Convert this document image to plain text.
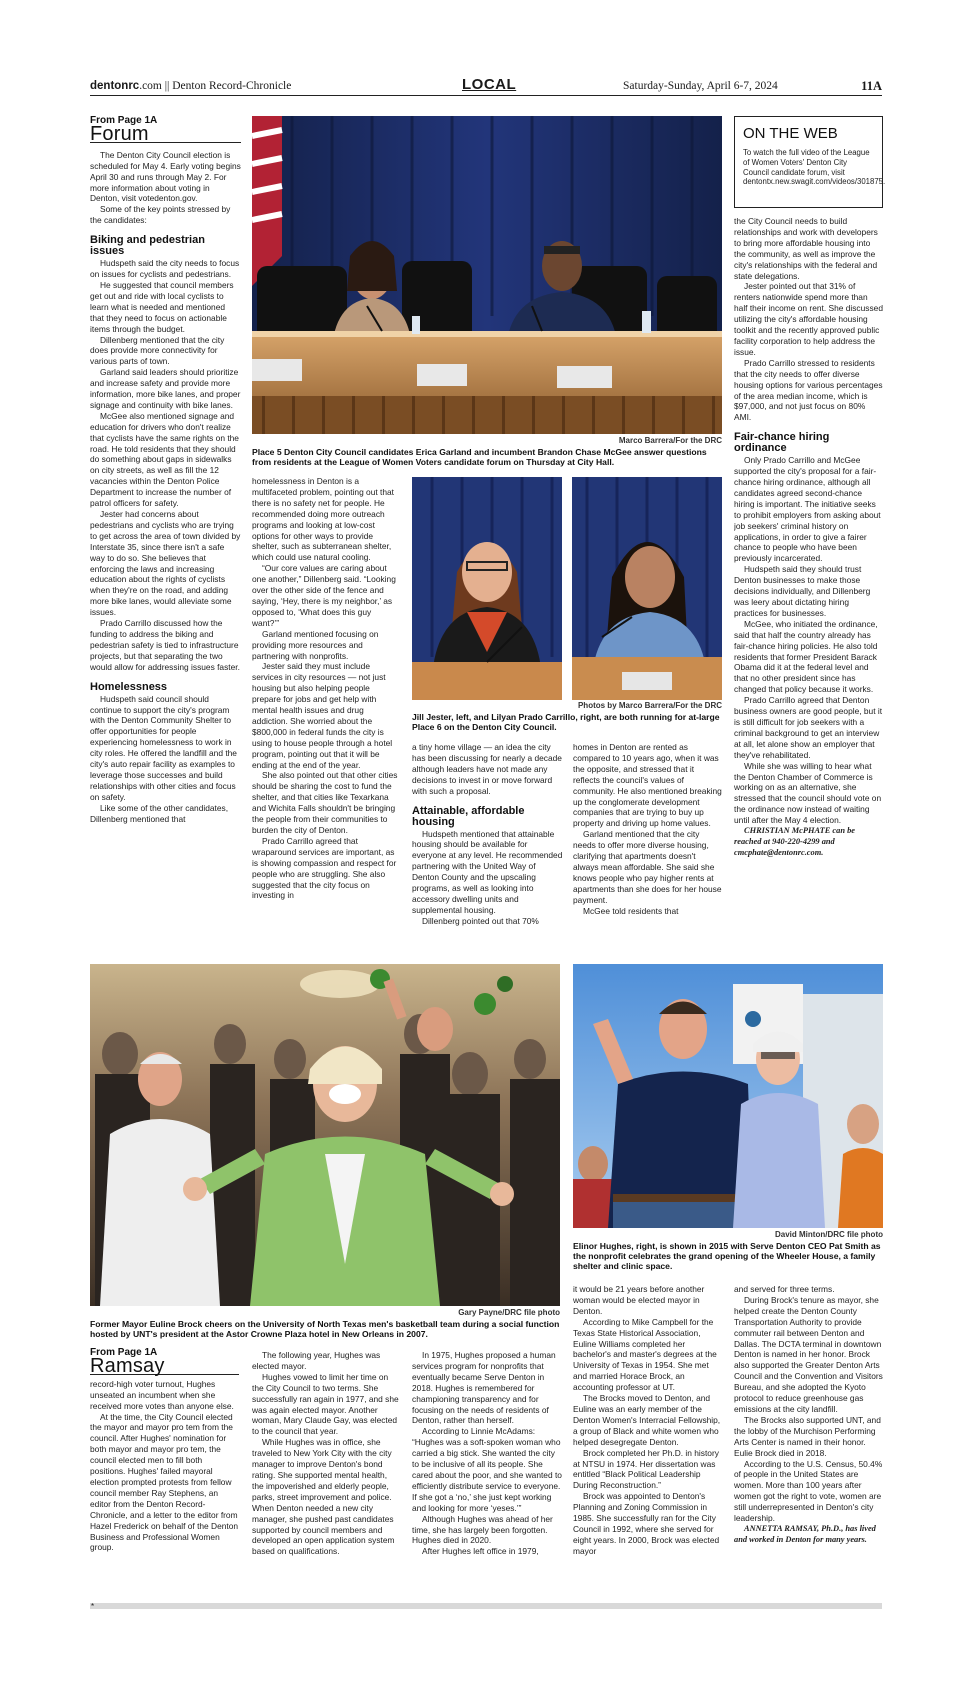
dentonrc.com || Denton Record-Chronicle	LOCAL	Saturday-Sunday, April 6-7, 2024	11A
From Page 1A
Forum

The Denton City Council election is scheduled for May 4. Early voting begins April 30 and runs through May 2. For more information about voting in Denton, visit votedenton.gov.

Some of the key points stressed by the candidates:

Biking and pedestrian issues

Hudspeth said the city needs to focus on issues for cyclists and pedestrians.

He suggested that council members get out and ride with local cyclists to learn what is needed and mentioned that they need to focus on actionable items through the budget.

Dillenberg mentioned that the city does provide more connectivity for various parts of town.

Garland said leaders should prioritize and increase safety and provide more information, more bike lanes, and proper signage and continuity with bike lanes.

McGee also mentioned signage and education for drivers who don't realize that cyclists have the same rights on the road. He told residents that they should do something about gaps in sidewalks on city streets, as well as fill the 12 vacancies within the Denton Police Department to increase the number of patrol officers for safety.

Jester had concerns about pedestrians and cyclists who are trying to get across the area of town divided by Interstate 35, since there isn't a safe way to do so. She believes that enforcing the laws and increasing education about the rights of cyclists when they're on the road, and adding more bike lanes, would alleviate some issues.

Prado Carrillo discussed how the funding to address the biking and pedestrian safety is tied to infrastructure projects, but that separating the two would allow for addressing issues faster.

Homelessness

Hudspeth said council should continue to support the city's program with the Denton Community Shelter to offer opportunities for people experiencing homelessness to work in city roles. He offered the landfill and the city's auto repair facility as examples to leverage those successes and build relationships with other cities and focus on safety.

Like some of the other candidates, Dillenberg mentioned that

Marco Barrera/For the DRC
Place 5 Denton City Council candidates Erica Garland and incumbent Brandon Chase McGee answer questions from residents at the League of Women Voters candidate forum on Thursday at City Hall.

homelessness in Denton is a multifaceted problem, pointing out that there is no safety net for people. He recommended doing more outreach programs and looking at low-cost options for other ways to provide shelter, such as subterranean shelter, which could use natural cooling.

“Our core values are caring about one another,” Dillenberg said. “Looking over the other side of the fence and saying, ‘Hey, there is my neighbor,’ as opposed to, ‘What does this guy want?’”

Garland mentioned focusing on providing more resources and partnering with nonprofits.

Jester said they must include services in city resources — not just housing but also helping people prepare for jobs and get help with mental health issues and drug addiction. She worried about the $800,000 in federal funds the city is using to house people through a hotel program, pointing out that it will be ending at the end of the year.

She also pointed out that other cities should be sharing the cost to fund the shelter, and that cities like Texarkana and Wichita Falls shouldn't be bringing the people from their communities to burden the city of Denton.

Prado Carrillo agreed that wraparound services are important, as is showing compassion and respect for people who are struggling. She also suggested that the city focus on investing in

Photos by Marco Barrera/For the DRC
Jill Jester, left, and Lilyan Prado Carrillo, right, are both running for at-large Place 6 on the Denton City Council.

a tiny home village — an idea the city has been discussing for nearly a decade although leaders have not made any decisions to invest in or move forward with such a proposal.

Attainable, affordable housing

Hudspeth mentioned that attainable housing should be available for everyone at any level. He recommended partnering with the United Way of Denton County and the upscaling programs, as well as looking into accessory dwelling units and supplemental housing.

Dillenberg pointed out that 70%

homes in Denton are rented as compared to 10 years ago, when it was the opposite, and stressed that it reflects the council's values of community. He also mentioned breaking up the conglomerate development companies that are trying to buy up property and driving up home values.

Garland mentioned that the city needs to offer more diverse housing, clarifying that apartments doesn't always mean affordable. She said she knows people who pay higher rents at apartments than she does for her house payment.

McGee told residents that

ON THE WEB
To watch the full video of the League of Women Voters' Denton City Council candidate forum, visit dentontx.new.swagit.com/videos/301875.

the City Council needs to build relationships and work with developers to bring more affordable housing into the community, as well as improve the city's relationships with the federal and state delegations.

Jester pointed out that 31% of renters nationwide spend more than half their income on rent. She discussed utilizing the city's affordable housing toolkit and the recently approved public facility corporation to help address the issue.

Prado Carrillo stressed to residents that the city needs to offer diverse housing options for various percentages of the area median income, which is $97,000, and not just focus on 80% AMI.

Fair-chance hiring ordinance

Only Prado Carrillo and McGee supported the city's proposal for a fair-chance hiring ordinance, although all candidates agreed second-chance hiring is important. The initiative seeks to prohibit employers from asking about job seekers' criminal history on applications, in order to give a fairer chance to people who have been previously incarcerated.

Hudspeth said they should trust Denton businesses to make those decisions individually, and Dillenberg was leery about dictating hiring practices for businesses.

McGee, who initiated the ordinance, said that half the country already has fair-chance hiring policies. He also told residents that former President Barack Obama did it at the federal level and that no other president since has changed that policy because it works.

Prado Carrillo agreed that Denton business owners are good people, but it is still difficult for job seekers with a criminal background to get an interview at all, let alone show an employer that they've rehabilitated.

While she was willing to hear what the Denton Chamber of Commerce is working on as an alternative, she stressed that the council should vote on the ordinance now instead of waiting until after the May 4 election.

CHRISTIAN McPHATE can be reached at 940-220-4299 and cmcphate@dentonrc.com.

Gary Payne/DRC file photo
Former Mayor Euline Brock cheers on the University of North Texas men's basketball team during a social function hosted by UNT's president at the Astor Crowne Plaza hotel in New Orleans in 2007.
David Minton/DRC file photo
Elinor Hughes, right, is shown in 2015 with Serve Denton CEO Pat Smith as the nonprofit celebrates the grand opening of the Wheeler House, a family shelter and clinic space.
From Page 1A
Ramsay

record-high voter turnout, Hughes unseated an incumbent when she received more votes than anyone else.

At the time, the City Council elected the mayor and mayor pro tem from the council. After Hughes' nomination for both mayor and mayor pro tem, the council elected men to fill both positions. Hughes' failed mayoral election prompted protests from fellow council member Ray Stephens, an editor from the Denton Record-Chronicle, and a letter to the editor from Hazel Frederick on behalf of the Denton Business and Professional Women group.

The following year, Hughes was elected mayor.

Hughes vowed to limit her time on the City Council to two terms. She successfully ran again in 1977, and she was again elected mayor. Another woman, Mary Claude Gay, was elected to the council that year.

While Hughes was in office, she traveled to New York City with the city manager to improve Denton's bond rating. She supported mental health, the impoverished and elderly people, parks, street improvement and police. When Denton needed a new city manager, she pushed past candidates supported by council members and developed an open application system based on qualifications.

In 1975, Hughes proposed a human services program for nonprofits that eventually became Serve Denton in 2018. Hughes is remembered for championing transparency and for focusing on the needs of residents of Denton, rather than herself.

According to Linnie McAdams: “Hughes was a soft-spoken woman who carried a big stick. She wanted the city to be inclusive of all its people. She cared about the poor, and she wanted to efficiently distribute service to everyone. If she got a ‘no,’ she just kept working and looking for more ‘yeses.’”

Although Hughes was ahead of her time, she has largely been forgotten. Hughes died in 2020.

After Hughes left office in 1979,

it would be 21 years before another woman would be elected mayor in Denton.

According to Mike Campbell for the Texas State Historical Association, Euline Williams completed her bachelor's and master's degrees at the University of Texas in 1954. She met and married Horace Brock, an accounting professor at UT.

The Brocks moved to Denton, and Euline was an early member of the Denton Women's Interracial Fellowship, a group of Black and white women who helped desegregate Denton.

Brock completed her Ph.D. in history at NTSU in 1974. Her dissertation was entitled “Black Political Leadership During Reconstruction.”

Brock was appointed to Denton's Planning and Zoning Commission in 1985. She successfully ran for the City Council in 1992, where she served for eight years. In 2000, Brock was elected mayor

and served for three terms.

During Brock's tenure as mayor, she helped create the Denton County Transportation Authority to provide commuter rail between Denton and Dallas. The DCTA terminal in downtown Denton is named in her honor. Brock also supported the Greater Denton Arts Council and the Convention and Visitors Bureau, and she adopted the Kyoto protocol to reduce greenhouse gas emissions at the city landfill.

The Brocks also supported UNT, and the lobby of the Murchison Performing Arts Center is named in their honor. Eulie Brock died in 2018.

According to the U.S. Census, 50.4% of people in the United States are women. More than 100 years after women got the right to vote, women are still underrepresented in Denton's city leadership.

ANNETTA RAMSAY, Ph.D., has lived and worked in Denton for many years.

*
